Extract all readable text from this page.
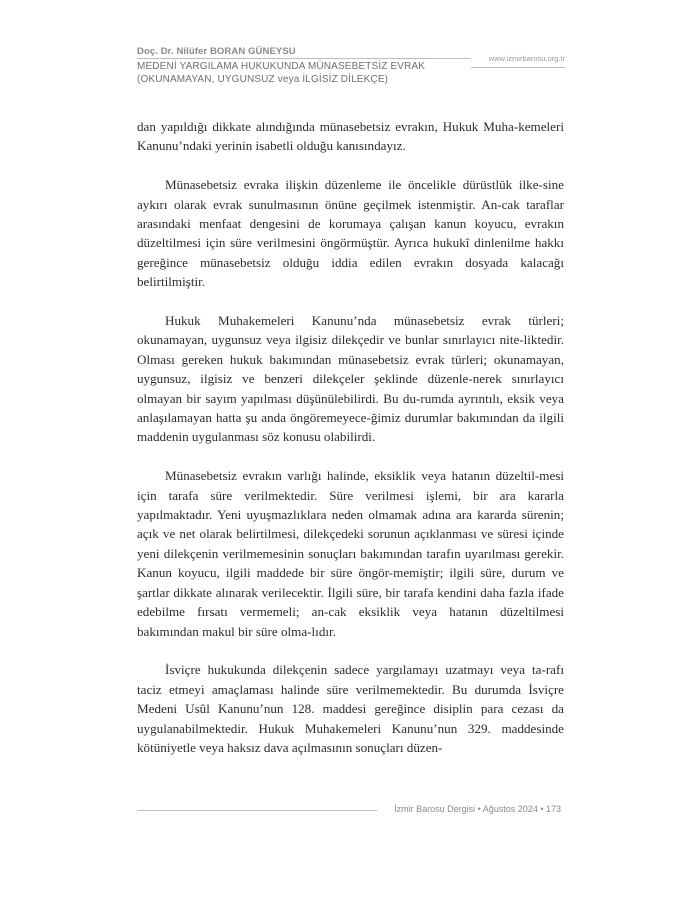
Doç. Dr. Nilüfer BORAN GÜNEYSU
www.izmirbarosu.org.tr
MEDENİ YARGILAMA HUKUKUNDA MÜNASEBETSİZ EVRAK
(OKUNAMAYAN, UYGUNSUZ veya İLGİSİZ DİLEKÇE)

dan yapıldığı dikkate alındığında münasebetsiz evrakın, Hukuk Muha-kemeleri Kanunu’ndaki yerinin isabetli olduğu kanısındayız.

Münasebetsiz evraka ilişkin düzenleme ile öncelikle dürüstlük ilke-sine aykırı olarak evrak sunulmasının önüne geçilmek istenmiştir. An-cak taraflar arasındaki menfaat dengesini de korumaya çalışan kanun koyucu, evrakın düzeltilmesi için süre verilmesini öngörmüştür. Ayrıca hukukî dinlenilme hakkı gereğince münasebetsiz olduğu iddia edilen evrakın dosyada kalacağı belirtilmiştir.

Hukuk Muhakemeleri Kanunu’nda münasebetsiz evrak türleri; okunamayan, uygunsuz veya ilgisiz dilekçedir ve bunlar sınırlayıcı nite-liktedir. Olması gereken hukuk bakımından münasebetsiz evrak türleri; okunamayan, uygunsuz, ilgisiz ve benzeri dilekçeler şeklinde düzenle-nerek sınırlayıcı olmayan bir sayım yapılması düşünülebilirdi. Bu du-rumda ayrıntılı, eksik veya anlaşılamayan hatta şu anda öngöremeyece-ğimiz durumlar bakımından da ilgili maddenin uygulanması söz konusu olabilirdi.

Münasebetsiz evrakın varlığı halinde, eksiklik veya hatanın düzeltil-mesi için tarafa süre verilmektedir. Süre verilmesi işlemi, bir ara kararla yapılmaktadır. Yeni uyuşmazlıklara neden olmamak adına ara kararda sürenin; açık ve net olarak belirtilmesi, dilekçedeki sorunun açıklanması ve süresi içinde yeni dilekçenin verilmemesinin sonuçları bakımından tarafın uyarılması gerekir. Kanun koyucu, ilgili maddede bir süre öngör-memiştir; ilgili süre, durum ve şartlar dikkate alınarak verilecektir. İlgili süre, bir tarafa kendini daha fazla ifade edebilme fırsatı vermemeli; an-cak eksiklik veya hatanın düzeltilmesi bakımından makul bir süre olma-lıdır.

İsviçre hukukunda dilekçenin sadece yargılamayı uzatmayı veya ta-rafı taciz etmeyi amaçlaması halinde süre verilmemektedir. Bu durumda İsviçre Medeni Usûl Kanunu’nun 128. maddesi gereğince disiplin para cezası da uygulanabilmektedir. Hukuk Muhakemeleri Kanunu’nun 329. maddesinde kötüniyetle veya haksız dava açılmasının sonuçları düzen-

İzmir Barosu Dergisi • Ağustos 2024 • 173
